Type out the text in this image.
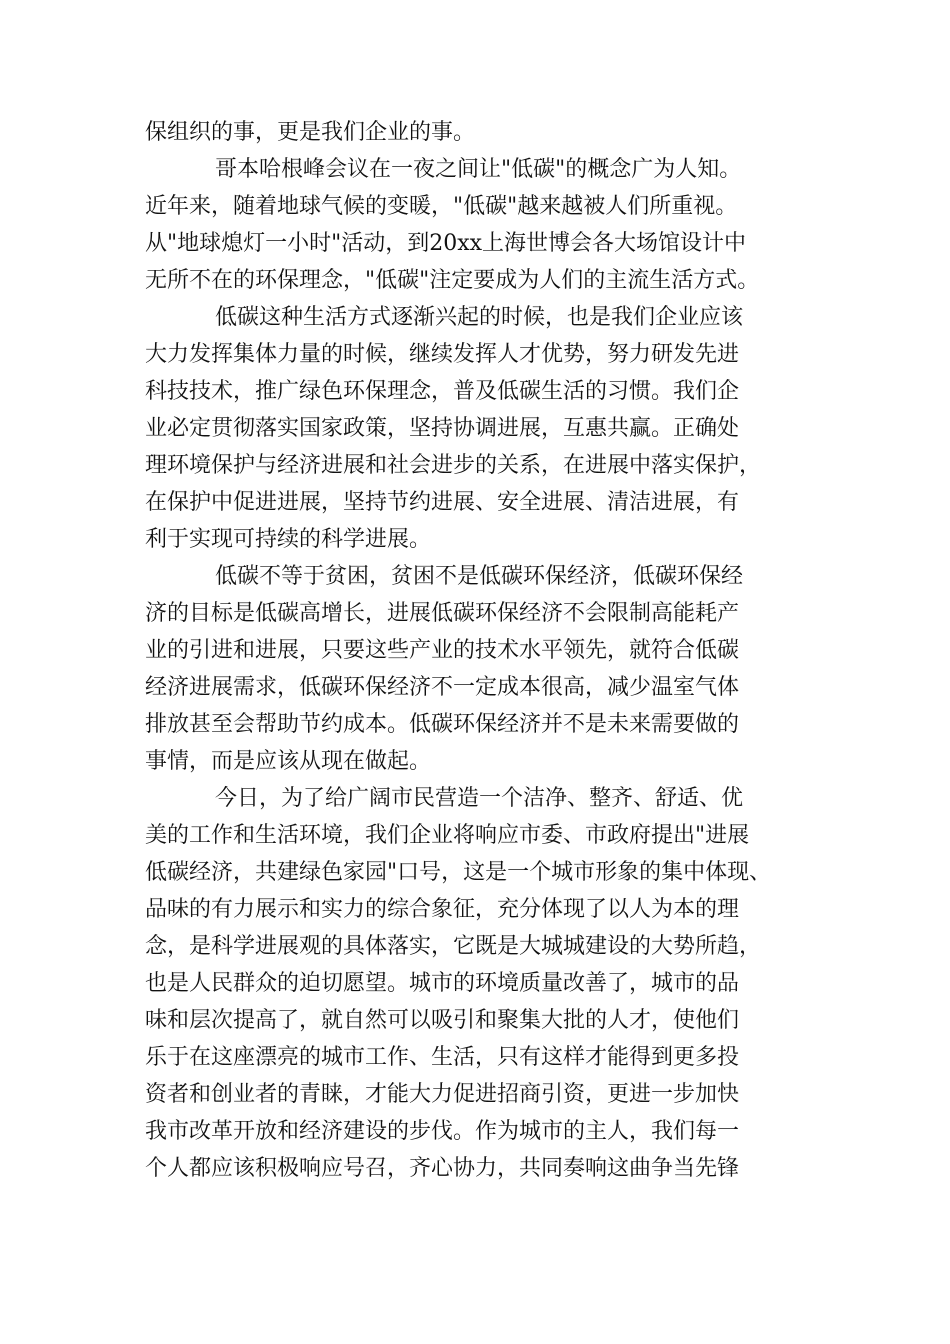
保组织的事，更是我们企业的事。
哥本哈根峰会议在一夜之间让"低碳"的概念广为人知。
近年来，随着地球气候的变暖，"低碳"越来越被人们所重视。
从"地球熄灯一小时"活动，到20xx上海世博会各大场馆设计中
无所不在的环保理念，"低碳"注定要成为人们的主流生活方式。
低碳这种生活方式逐渐兴起的时候，也是我们企业应该
大力发挥集体力量的时候，继续发挥人才优势，努力研发先进
科技技术，推广绿色环保理念，普及低碳生活的习惯。我们企
业必定贯彻落实国家政策，坚持协调进展，互惠共赢。正确处
理环境保护与经济进展和社会进步的关系，在进展中落实保护，
在保护中促进进展，坚持节约进展、安全进展、清洁进展，有
利于实现可持续的科学进展。
低碳不等于贫困，贫困不是低碳环保经济，低碳环保经
济的目标是低碳高增长，进展低碳环保经济不会限制高能耗产
业的引进和进展，只要这些产业的技术水平领先，就符合低碳
经济进展需求，低碳环保经济不一定成本很高，减少温室气体
排放甚至会帮助节约成本。低碳环保经济并不是未来需要做的
事情，而是应该从现在做起。
今日，为了给广阔市民营造一个洁净、整齐、舒适、优
美的工作和生活环境，我们企业将响应市委、市政府提出"进展
低碳经济，共建绿色家园"口号，这是一个城市形象的集中体现、
品味的有力展示和实力的综合象征，充分体现了以人为本的理
念，是科学进展观的具体落实，它既是大城城建设的大势所趋，
也是人民群众的迫切愿望。城市的环境质量改善了，城市的品
味和层次提高了，就自然可以吸引和聚集大批的人才，使他们
乐于在这座漂亮的城市工作、生活，只有这样才能得到更多投
资者和创业者的青睐，才能大力促进招商引资，更进一步加快
我市改革开放和经济建设的步伐。作为城市的主人，我们每一
个人都应该积极响应号召，齐心协力，共同奏响这曲争当先锋
